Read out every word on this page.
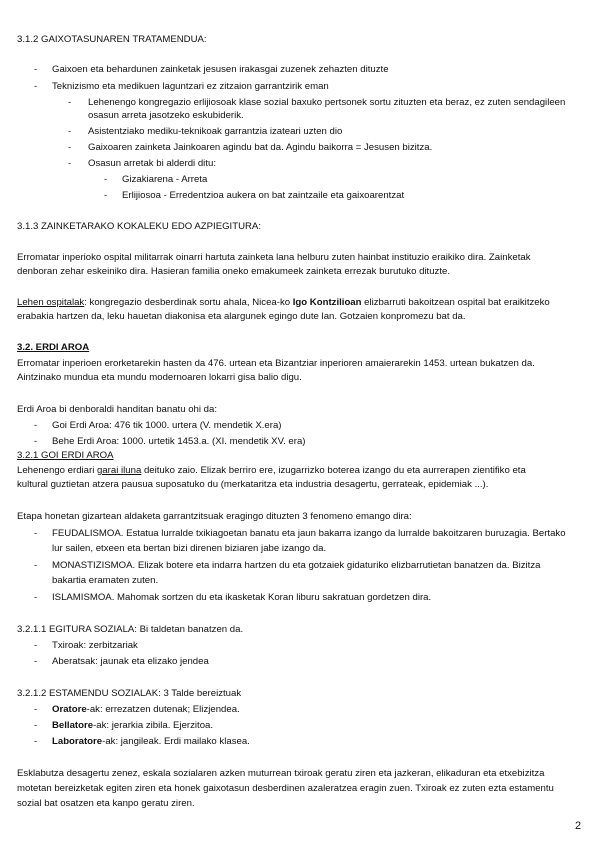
3.1.2 GAIXOTASUNAREN TRATAMENDUA:
- Gaixoen eta behardunen zainketak jesusen irakasgai zuzenek zehazten dituzte
- Teknizismo eta medikuen laguntzari ez zitzaion garrantzirik eman
- Lehenengo kongregazio erlijiosoak klase sozial baxuko pertsonek sortu zituzten eta beraz, ez zuten sendagileen
osasun arreta jasotzeko eskubiderik.
- Asistentziako mediku-teknikoak garrantzia izateari uzten dio
- Gaixoaren zainketa Jainkoaren agindu bat da. Agindu baikorra = Jesusen bizitza.
- Osasun arretak bi alderdi ditu:
- Gizakiarena - Arreta
- Erlijiosoa - Erredentzioa aukera on bat zaintzaile eta gaixoarentzat
3.1.3 ZAINKETARAKO KOKALEKU EDO AZPIEGITURA:
Erromatar inperioko ospital militarrak oinarri hartuta zainketa lana helburu zuten hainbat instituzio eraikiko dira. Zainketak
denboran zehar eskeiniko dira. Hasieran familia oneko emakumeek zainketa errezak burutuko dituzte.
Lehen ospitalak: kongregazio desberdinak sortu ahala, Nicea-ko Igo Kontzilioan elizbarruti bakoitzean ospital bat eraikitzeko
erabakia hartzen da, leku hauetan diakonisa eta alargunek egingo dute lan. Gotzaien konpromezu bat da.
3.2. ERDI AROA
Erromatar inperioen erorketarekin hasten da 476. urtean eta Bizantziar inperioren amaierarekin 1453. urtean bukatzen da.
Aintzinako mundua eta mundu modernoaren lokarri gisa balio digu.
Erdi Aroa bi denboraldi handitan banatu ohi da:
- Goi Erdi Aroa: 476 tik 1000. urtera (V. mendetik X.era)
- Behe Erdi Aroa: 1000. urtetik 1453.a. (XI. mendetik XV. era)
3.2.1 GOI ERDI AROA
Lehenengo erdiari garai iluna deituko zaio. Elizak berriro ere, izugarrizko boterea izango du eta aurrerapen zientifiko eta
kultural guztietan atzera pausua suposatuko du (merkataritza eta industria desagertu, gerrateak, epidemiak ...).
Etapa honetan gizartean aldaketa garrantzitsuak eragingo dituzten 3 fenomeno emango dira:
- FEUDALISMOA. Estatua lurralde txikiagoetan banatu eta jaun bakarra izango da lurralde bakoitzaren buruzagia. Bertako
lur sailen, etxeen eta bertan bizi direnen biziaren jabe izango da.
- MONASTIZISMOA. Elizak botere eta indarra hartzen du eta gotzaiek gidaturiko elizbarrutietan banatzen da. Bizitza
bakartia eramaten zuten.
- ISLAMISMOA. Mahomak sortzen du eta ikasketak Koran liburu sakratuan gordetzen dira.
3.2.1.1 EGITURA SOZIALA: Bi taldetan banatzen da.
- Txiroak: zerbitzariak
- Aberatsak: jaunak eta elizako jendea
3.2.1.2 ESTAMENDU SOZIALAK: 3 Talde bereiztuak
- Oratore-ak: errezatzen dutenak; Elizjendea.
- Bellatore-ak: jerarkia zibila. Ejerzitoa.
- Laboratore-ak: jangileak. Erdi mailako klasea.
Esklabutza desagertu zenez, eskala sozialaren azken muturrean txiroak geratu ziren eta jazkeran, elikaduran eta etxebizitza
motetan bereizketak egiten ziren eta honek gaixotasun desberdinen azaleratzea eragin zuen. Txiroak ez zuten ezta estamentu
sozial bat osatzen eta kanpo geratu ziren.
2
